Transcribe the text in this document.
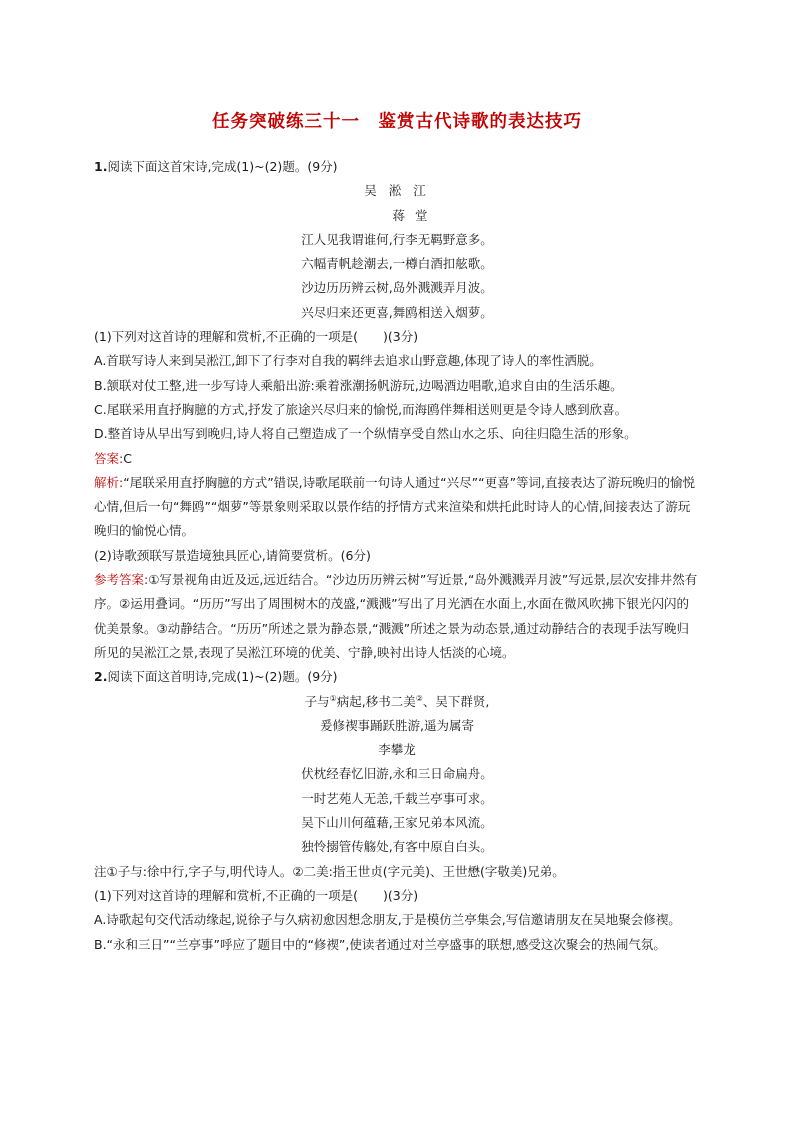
任务突破练三十一　鉴赏古代诗歌的表达技巧
1.阅读下面这首宋诗,完成(1)~(2)题。(9分)
吴淞江
蒋堂
江人见我谓谁何,行李无羁野意多。
六幅青帆趁潮去,一樽白酒扣舷歌。
沙边历历辨云树,岛外溅溅弄月波。
兴尽归来还更喜,舞鸥相送入烟萝。
(1)下列对这首诗的理解和赏析,不正确的一项是(　　)(3分)
A.首联写诗人来到吴淞江,卸下了行李对自我的羁绊去追求山野意趣,体现了诗人的率性洒脱。
B.颔联对仗工整,进一步写诗人乘船出游:乘着涨潮扬帆游玩,边喝酒边唱歌,追求自由的生活乐趣。
C.尾联采用直抒胸臆的方式,抒发了旅途兴尽归来的愉悦,而海鸥伴舞相送则更是令诗人感到欣喜。
D.整首诗从早出写到晚归,诗人将自己塑造成了一个纵情享受自然山水之乐、向往归隐生活的形象。
答案:C
解析:“尾联采用直抒胸臆的方式”错误,诗歌尾联前一句诗人通过“兴尽”“更喜”等词,直接表达了游玩晚归的愉悦心情,但后一句“舞鸥”“烟萝”等景象则采取以景作结的抒情方式来渲染和烘托此时诗人的心情,间接表达了游玩晚归的愉悦心情。
(2)诗歌颈联写景造境独具匠心,请简要赏析。(6分)
参考答案:①写景视角由近及远,远近结合。“沙边历历辨云树”写近景,“岛外溅溅弄月波”写远景,层次安排井然有序。②运用叠词。“历历”写出了周围树木的茂盛,“溅溅”写出了月光洒在水面上,水面在微风吹拂下银光闪闪的优美景象。③动静结合。“历历”所述之景为静态景,“溅溅”所述之景为动态景,通过动静结合的表现手法写晚归所见的吴淞江之景,表现了吴淞江环境的优美、宁静,映衬出诗人恬淡的心境。
2.阅读下面这首明诗,完成(1)~(2)题。(9分)
子与①病起,移书二美②、吴下群贤,
爰修禊事踊跃胜游,遥为属寄
李攀龙
伏枕经春忆旧游,永和三日命扁舟。
一时艺苑人无恙,千载兰亭事可求。
吴下山川何蕴藉,王家兄弟本风流。
独怜搦管传觞处,有客中原自白头。
注①子与:徐中行,字子与,明代诗人。②二美:指王世贞(字元美)、王世懋(字敬美)兄弟。
(1)下列对这首诗的理解和赏析,不正确的一项是(　　)(3分)
A.诗歌起句交代活动缘起,说徐子与久病初愈因想念朋友,于是模仿兰亭集会,写信邀请朋友在吴地聚会修禊。
B.“永和三日”“兰亭事”呼应了题目中的“修禊”,使读者通过对兰亭盛事的联想,感受这次聚会的热闹气氛。
